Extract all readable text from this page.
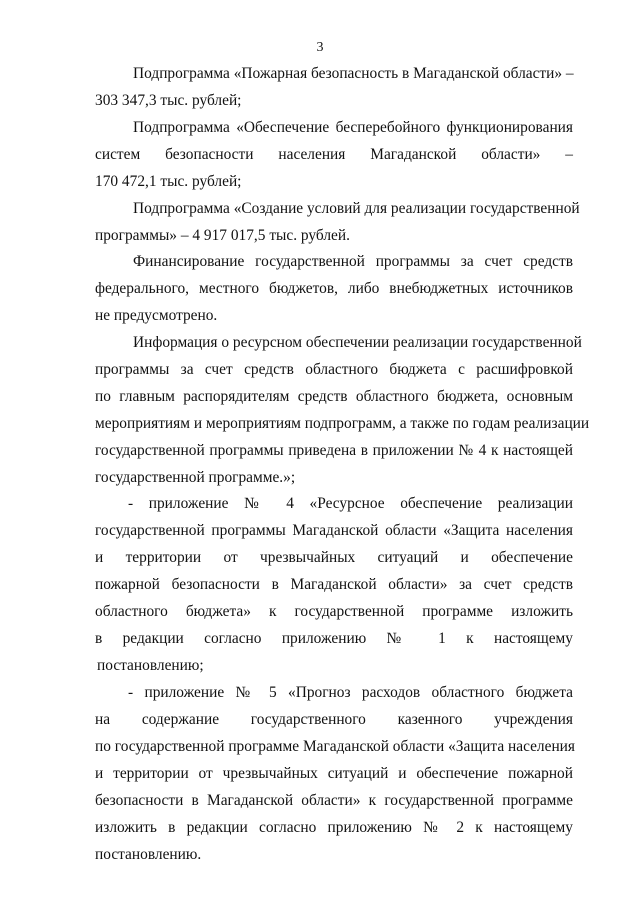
3
Подпрограмма «Пожарная безопасность в Магаданской области» –
303 347,3 тыс. рублей;
Подпрограмма «Обеспечение бесперебойного функционирования
систем безопасности населения Магаданской области» –
170 472,1 тыс. рублей;
Подпрограмма «Создание условий для реализации государственной
программы» – 4 917 017,5 тыс. рублей.
Финансирование государственной программы за счет средств
федерального, местного бюджетов, либо внебюджетных источников
не предусмотрено.
Информация о ресурсном обеспечении реализации государственной
программы за счет средств областного бюджета с расшифровкой
по главным распорядителям средств областного бюджета, основным
мероприятиям и мероприятиям подпрограмм, а также по годам реализации
государственной программы приведена в приложении № 4 к настоящей
государственной программе.»;
- приложение № 4 «Ресурсное обеспечение реализации
государственной программы Магаданской области «Защита населения
и территории от чрезвычайных ситуаций и обеспечение
пожарной безопасности в Магаданской области» за счет средств
областного бюджета» к государственной программе изложить
в редакции согласно приложению № 1 к настоящему
постановлению;
- приложение № 5 «Прогноз расходов областного бюджета
на содержание государственного казенного учреждения
по государственной программе Магаданской области «Защита населения
и территории от чрезвычайных ситуаций и обеспечение пожарной
безопасности в Магаданской области» к государственной программе
изложить в редакции согласно приложению № 2 к настоящему
постановлению.
